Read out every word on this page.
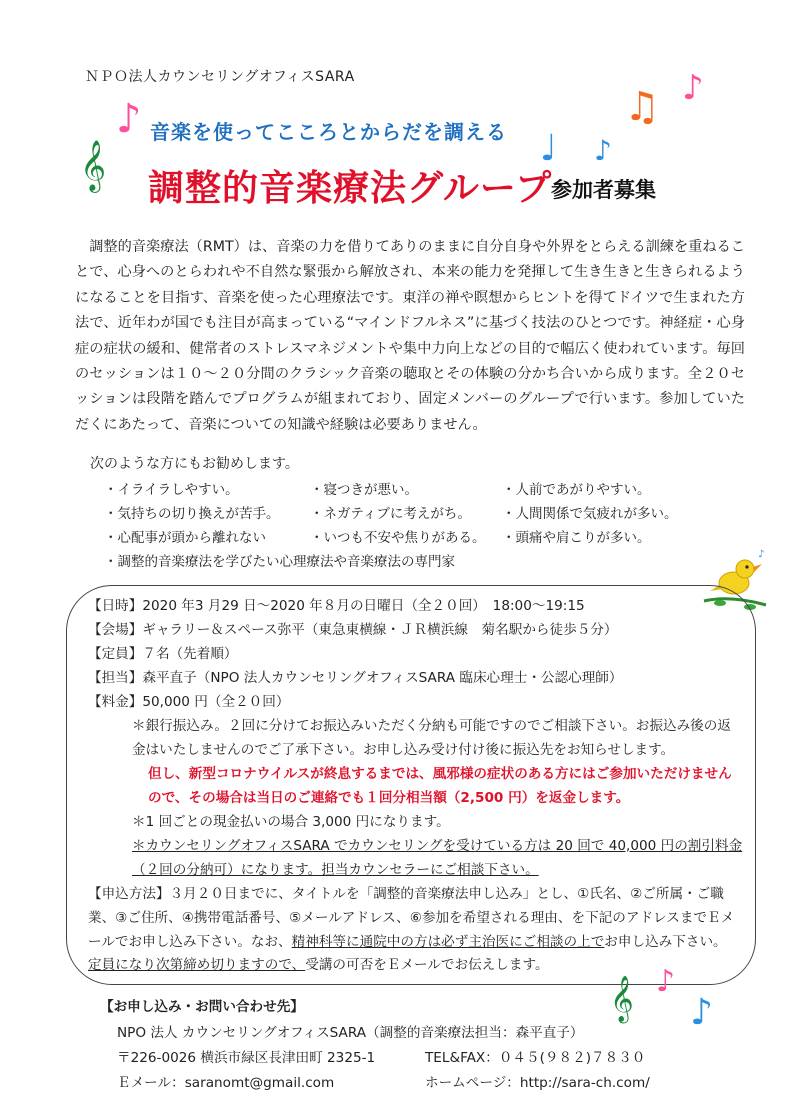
ＮＰＯ法人カウンセリングオフィスSARA
音楽を使ってこころとからだを調える
調整的音楽療法グループ
参加者募集
♪
𝄞
♫ ♪
♩ ♪

　調整的音楽療法（RMT）は、音楽の力を借りてありのままに自分自身や外界をとらえる訓練を重ねることで、心身へのとらわれや不自然な緊張から解放され、本来の能力を発揮して生き生きと生きられるようになることを目指す、音楽を使った心理療法です。東洋の禅や瞑想からヒントを得てドイツで生まれた方法で、近年わが国でも注目が高まっている“マインドフルネス”に基づく技法のひとつです。神経症・心身症の症状の緩和、健常者のストレスマネジメントや集中力向上などの目的で幅広く使われています。毎回のセッションは１０～２０分間のクラシック音楽の聴取とその体験の分かち合いから成ります。全２０セッションは段階を踏んでプログラムが組まれており、固定メンバーのグループで行います。参加していただくにあたって、音楽についての知識や経験は必要ありません。

次のような方にもお勧めします。
・イライラしやすい。	・寝つきが悪い。	・人前であがりやすい。
・気持ちの切り換えが苦手。	・ネガティブに考えがち。	・人間関係で気疲れが多い。
・心配事が頭から離れない	・いつも不安や焦りがある。	・頭痛や肩こりが多い。
・調整的音楽療法を学びたい心理療法や音楽療法の専門家	♪
【日時】2020 年3 月29 日～2020 年８月の日曜日（全２０回）　18:00～19:15
【会場】ギャラリー＆スペース弥平（東急東横線・ＪＲ横浜線　菊名駅から徒歩５分）
【定員】７名（先着順）
【担当】森平直子（NPO 法人カウンセリングオフィスSARA 臨床心理士・公認心理師）
【料金】50,000 円（全２０回）

＊銀行振込み。２回に分けてお振込みいただく分納も可能ですのでご相談下さい。お振込み後の返金はいたしませんのでご了承下さい。お申し込み受け付け後に振込先をお知らせします。

但し、新型コロナウイルスが終息するまでは、風邪様の症状のある方にはご参加いただけませんので、その場合は当日のご連絡でも１回分相当額（2,500 円）を返金します。

＊1 回ごとの現金払いの場合 3,000 円になります。

＊カウンセリングオフィスSARA でカウンセリングを受けている方は 20 回で 40,000 円の割引料金（２回の分納可）になります。担当カウンセラーにご相談下さい。

【申込方法】３月２０日までに、タイトルを「調整的音楽療法申し込み」とし、①氏名、②ご所属・ご職業、③ご住所、④携帯電話番号、⑤メールアドレス、⑥参加を希望される理由、を下記のアドレスまでＥメールでお申し込み下さい。なお、精神科等に通院中の方は必ず主治医にご相談の上でお申し込み下さい。定員になり次第締め切りますので、受講の可否をＥメールでお伝えします。

【お申し込み・お問い合わせ先】
NPO 法人 カウンセリングオフィスSARA（調整的音楽療法担当：森平直子）
〒226-0026 横浜市緑区長津田町 2325-1	TEL&FAX：０４５(９８２)７８３０
Ｅメール：saranomt@gmail.com	ホームページ：http://sara-ch.com/
𝄞 ♪
♪
